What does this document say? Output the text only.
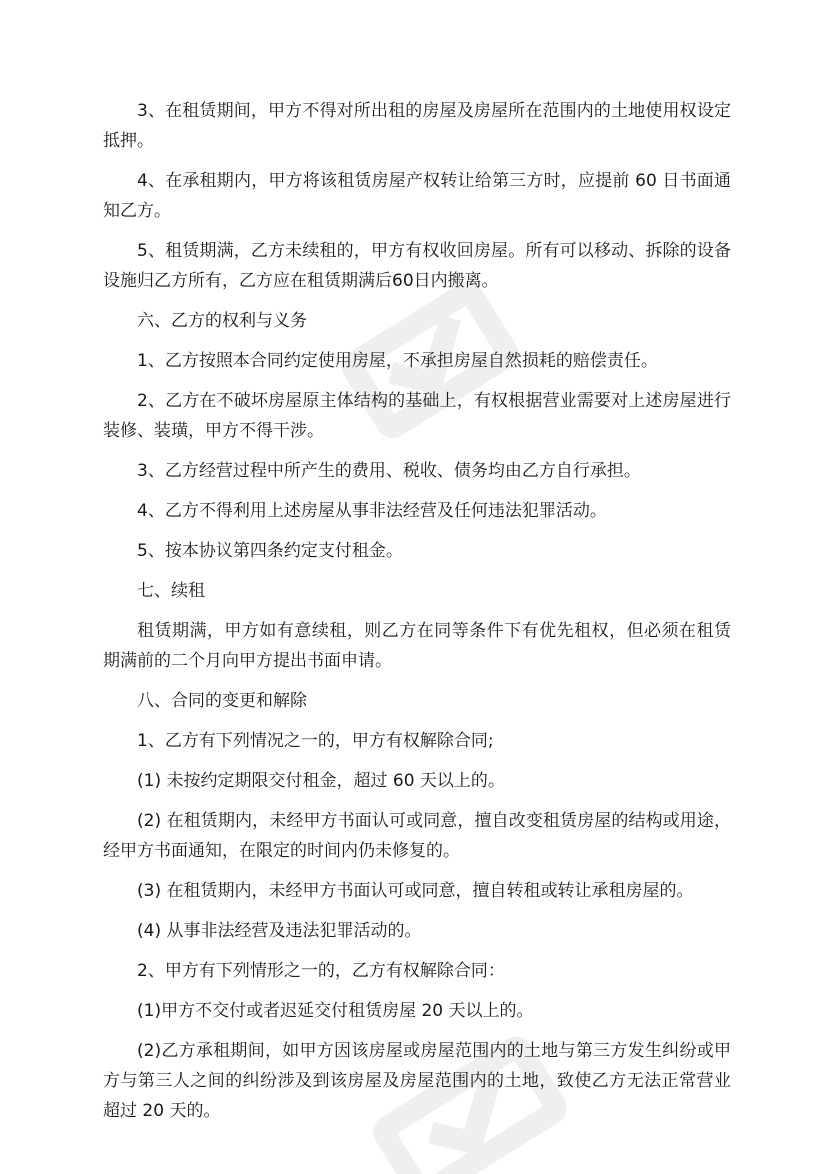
3、在租赁期间，甲方不得对所出租的房屋及房屋所在范围内的土地使用权设定抵押。

4、在承租期内，甲方将该租赁房屋产权转让给第三方时，应提前 60 日书面通知乙方。

5、租赁期满，乙方未续租的，甲方有权收回房屋。所有可以移动、拆除的设备设施归乙方所有，乙方应在租赁期满后60日内搬离。

六、乙方的权利与义务

1、乙方按照本合同约定使用房屋，不承担房屋自然损耗的赔偿责任。

2、乙方在不破坏房屋原主体结构的基础上，有权根据营业需要对上述房屋进行装修、装璜，甲方不得干涉。

3、乙方经营过程中所产生的费用、税收、债务均由乙方自行承担。

4、乙方不得利用上述房屋从事非法经营及任何违法犯罪活动。

5、按本协议第四条约定支付租金。

七、续租

租赁期满，甲方如有意续租，则乙方在同等条件下有优先租权，但必须在租赁期满前的二个月向甲方提出书面申请。

八、合同的变更和解除

1、乙方有下列情况之一的，甲方有权解除合同;

(1) 未按约定期限交付租金，超过 60 天以上的。

(2) 在租赁期内，未经甲方书面认可或同意，擅自改变租赁房屋的结构或用途，经甲方书面通知，在限定的时间内仍未修复的。

(3) 在租赁期内，未经甲方书面认可或同意，擅自转租或转让承租房屋的。

(4) 从事非法经营及违法犯罪活动的。

2、甲方有下列情形之一的，乙方有权解除合同：

(1)甲方不交付或者迟延交付租赁房屋 20 天以上的。

(2)乙方承租期间，如甲方因该房屋或房屋范围内的土地与第三方发生纠纷或甲方与第三人之间的纠纷涉及到该房屋及房屋范围内的土地，致使乙方无法正常营业超过 20 天的。
